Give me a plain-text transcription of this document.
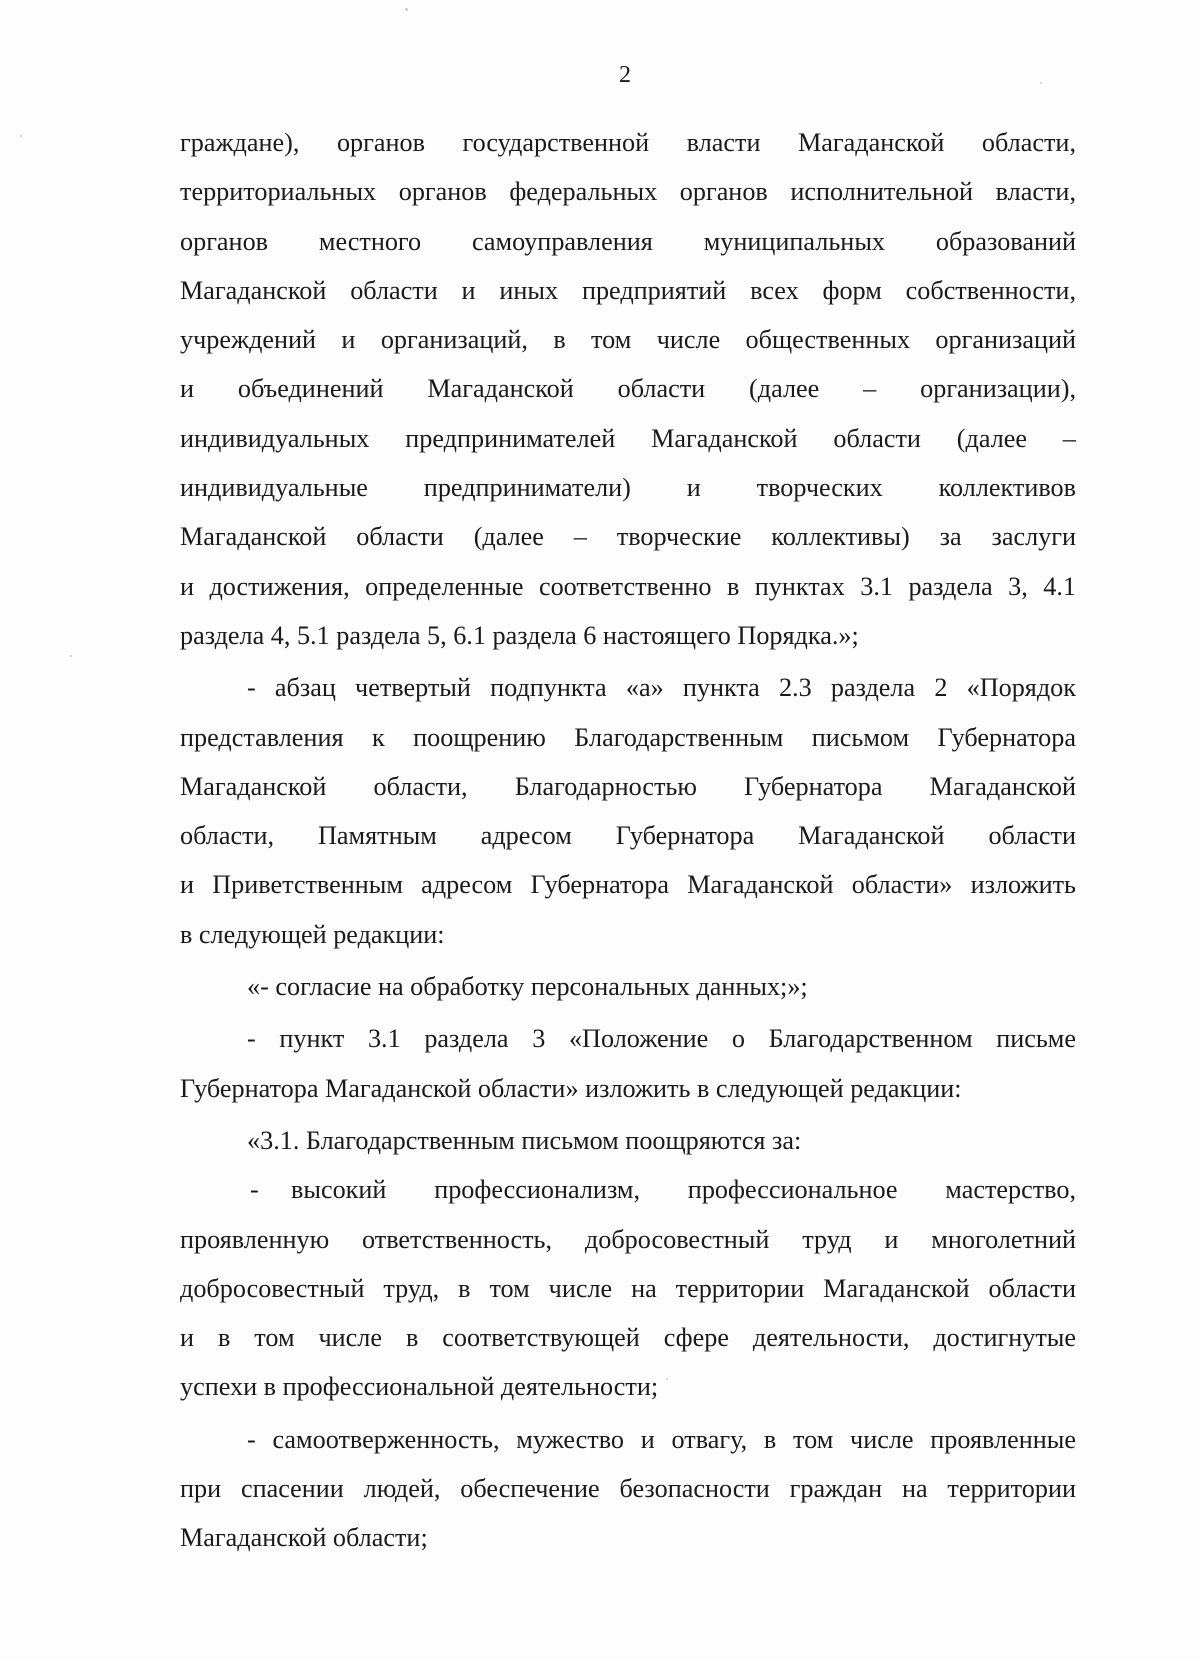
2
граждане), органов государственной власти Магаданской области,
территориальных органов федеральных органов исполнительной власти,
органов местного самоуправления муниципальных образований
Магаданской области и иных предприятий всех форм собственности,
учреждений и организаций, в том числе общественных организаций
и объединений Магаданской области (далее – организации),
индивидуальных предпринимателей Магаданской области (далее –
индивидуальные предприниматели) и творческих коллективов
Магаданской области (далее – творческие коллективы) за заслуги
и достижения, определенные соответственно в пунктах 3.1 раздела 3, 4.1
раздела 4, 5.1 раздела 5, 6.1 раздела 6 настоящего Порядка.»;
- абзац четвертый подпункта «а» пункта 2.3 раздела 2 «Порядок
представления к поощрению Благодарственным письмом Губернатора
Магаданской области, Благодарностью Губернатора Магаданской
области, Памятным адресом Губернатора Магаданской области
и Приветственным адресом Губернатора Магаданской области» изложить
в следующей редакции:
«- согласие на обработку персональных данных;»;
- пункт 3.1 раздела 3 «Положение о Благодарственном письме
Губернатора Магаданской области» изложить в следующей редакции:
«3.1. Благодарственным письмом поощряются за:
- высокий профессионализм, профессиональное мастерство,
проявленную ответственность, добросовестный труд и многолетний
добросовестный труд, в том числе на территории Магаданской области
и в том числе в соответствующей сфере деятельности, достигнутые
успехи в профессиональной деятельности;
- самоотверженность, мужество и отвагу, в том числе проявленные
при спасении людей, обеспечение безопасности граждан на территории
Магаданской области;
